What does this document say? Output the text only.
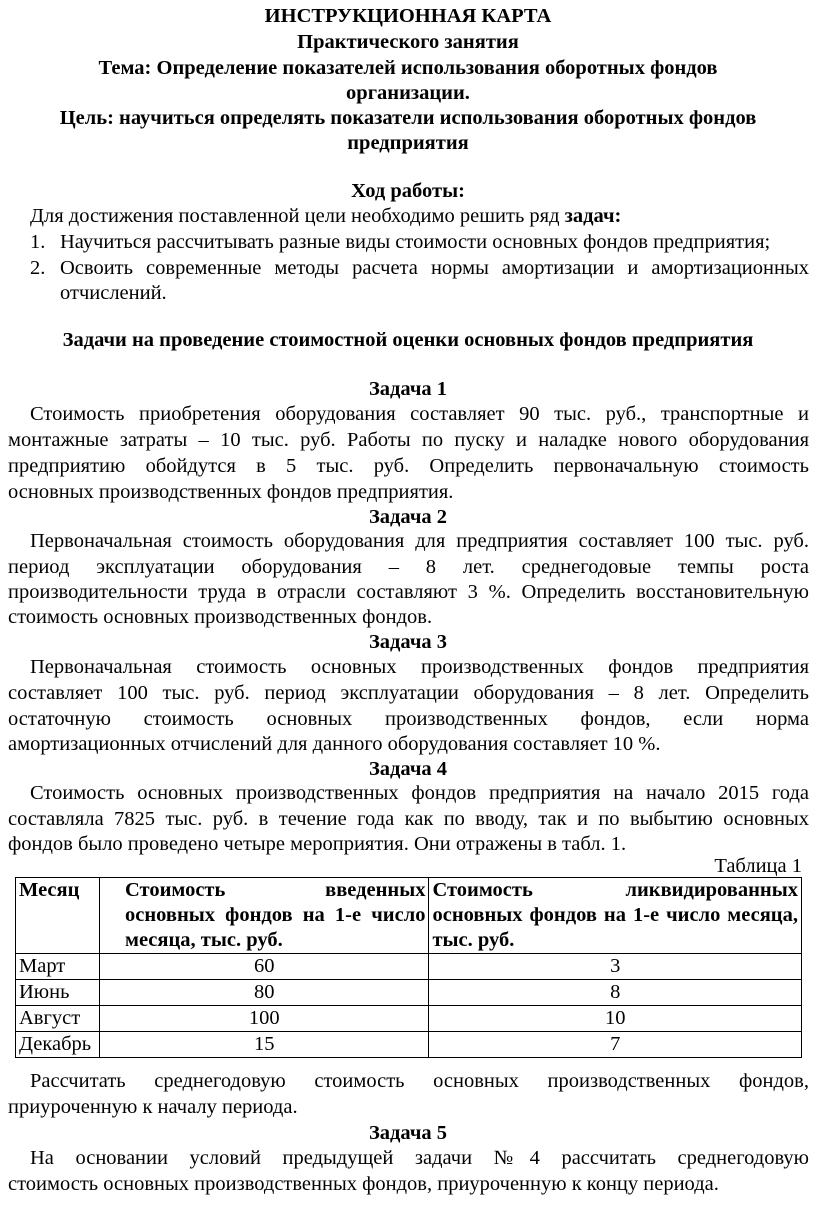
ИНСТРУКЦИОННАЯ КАРТА
Практического занятия
Тема: Определение показателей использования оборотных фондов
организации.
Цель: научиться определять показатели использования оборотных фондов
предприятия
Ход работы:
Для достижения поставленной цели необходимо решить ряд задач:
1. Научиться рассчитывать разные виды стоимости основных фондов предприятия;
2. Освоить современные методы расчета нормы амортизации и амортизационных
отчислений.
Задачи на проведение стоимостной оценки основных фондов предприятия
Задача 1
Стоимость приобретения оборудования составляет 90 тыс. руб., транспортные и
монтажные затраты – 10 тыс. руб. Работы по пуску и наладке нового оборудования
предприятию обойдутся в 5 тыс. руб. Определить первоначальную стоимость
основных производственных фондов предприятия.
Задача 2
Первоначальная стоимость оборудования для предприятия составляет 100 тыс. руб.
период эксплуатации оборудования – 8 лет. среднегодовые темпы роста
производительности труда в отрасли составляют 3 %. Определить восстановительную
стоимость основных производственных фондов.
Задача 3
Первоначальная стоимость основных производственных фондов предприятия
составляет 100 тыс. руб. период эксплуатации оборудования – 8 лет. Определить
остаточную стоимость основных производственных фондов, если норма
амортизационных отчислений для данного оборудования составляет 10 %.
Задача 4
Стоимость основных производственных фондов предприятия на начало 2015 года
составляла 7825 тыс. руб. в течение года как по вводу, так и по выбытию основных
фондов было проведено четыре мероприятия. Они отражены в табл. 1.
Таблица 1
Месяц	Стоимость введенных основных фондов на 1-е число месяца, тыс. руб.	Стоимость ликвидированных основных фондов на 1-е число месяца, тыс. руб.
Март	60	3
Июнь	80	8
Август	100	10
Декабрь	15	7
Рассчитать среднегодовую стоимость основных производственных фондов,
приуроченную к началу периода.
Задача 5
На основании условий предыдущей задачи №4 рассчитать среднегодовую
стоимость основных производственных фондов, приуроченную к концу периода.
